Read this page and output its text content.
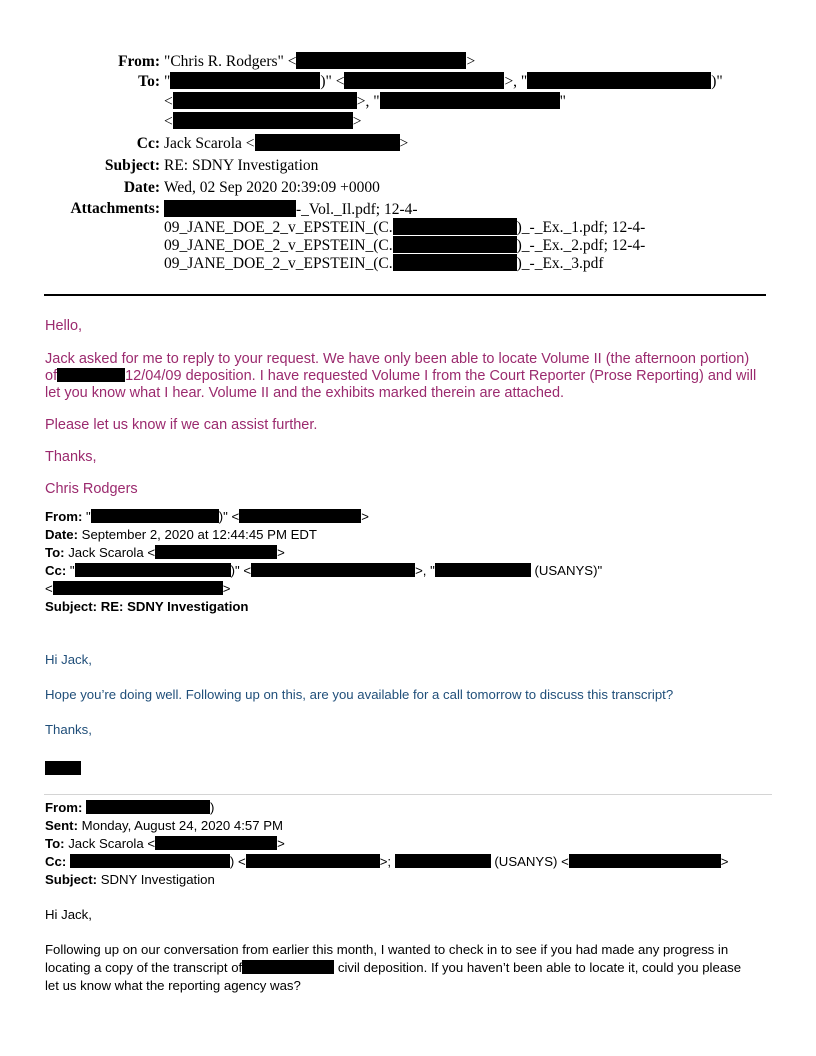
From: "Chris R. Rodgers" <	>
To: "	)" <	>, "	)"
<	>, "	"
<	>
Cc: Jack Scarola <	>
Subject: RE: SDNY Investigation
Date: Wed, 02 Sep 2020 20:39:09 +0000
Attachments:	-_Vol._Il.pdf; 12-4-
09_JANE_DOE_2_v_EPSTEIN_(C.	)_-_Ex._1.pdf; 12-4-
09_JANE_DOE_2_v_EPSTEIN_(C.	)_-_Ex._2.pdf; 12-4-
09_JANE_DOE_2_v_EPSTEIN_(C.	)_-_Ex._3.pdf

Hello,

Jack asked for me to reply to your request. We have only been able to locate Volume II (the afternoon portion)

of	12/04/09 deposition. I have requested Volume I from the Court Reporter (Prose Reporting) and will

let you know what I hear. Volume II and the exhibits marked therein are attached.

Please let us know if we can assist further.

Thanks,

Chris Rodgers

From: "	)" <	>
Date: September 2, 2020 at 12:44:45 PM EDT
To: Jack Scarola <	>
Cc: "	)" <	>, "	(USANYS)"
<	>
Subject: RE: SDNY Investigation

Hi Jack,

Hope you’re doing well. Following up on this, are you available for a call tomorrow to discuss this transcript?

Thanks,

From:	)
Sent: Monday, August 24, 2020 4:57 PM
To: Jack Scarola <	>
Cc:	) <	>;	(USANYS) <	>
Subject: SDNY Investigation

Hi Jack,

Following up on our conversation from earlier this month, I wanted to check in to see if you had made any progress in

locating a copy of the transcript of	civil deposition. If you haven’t been able to locate it, could you please

let us know what the reporting agency was?
